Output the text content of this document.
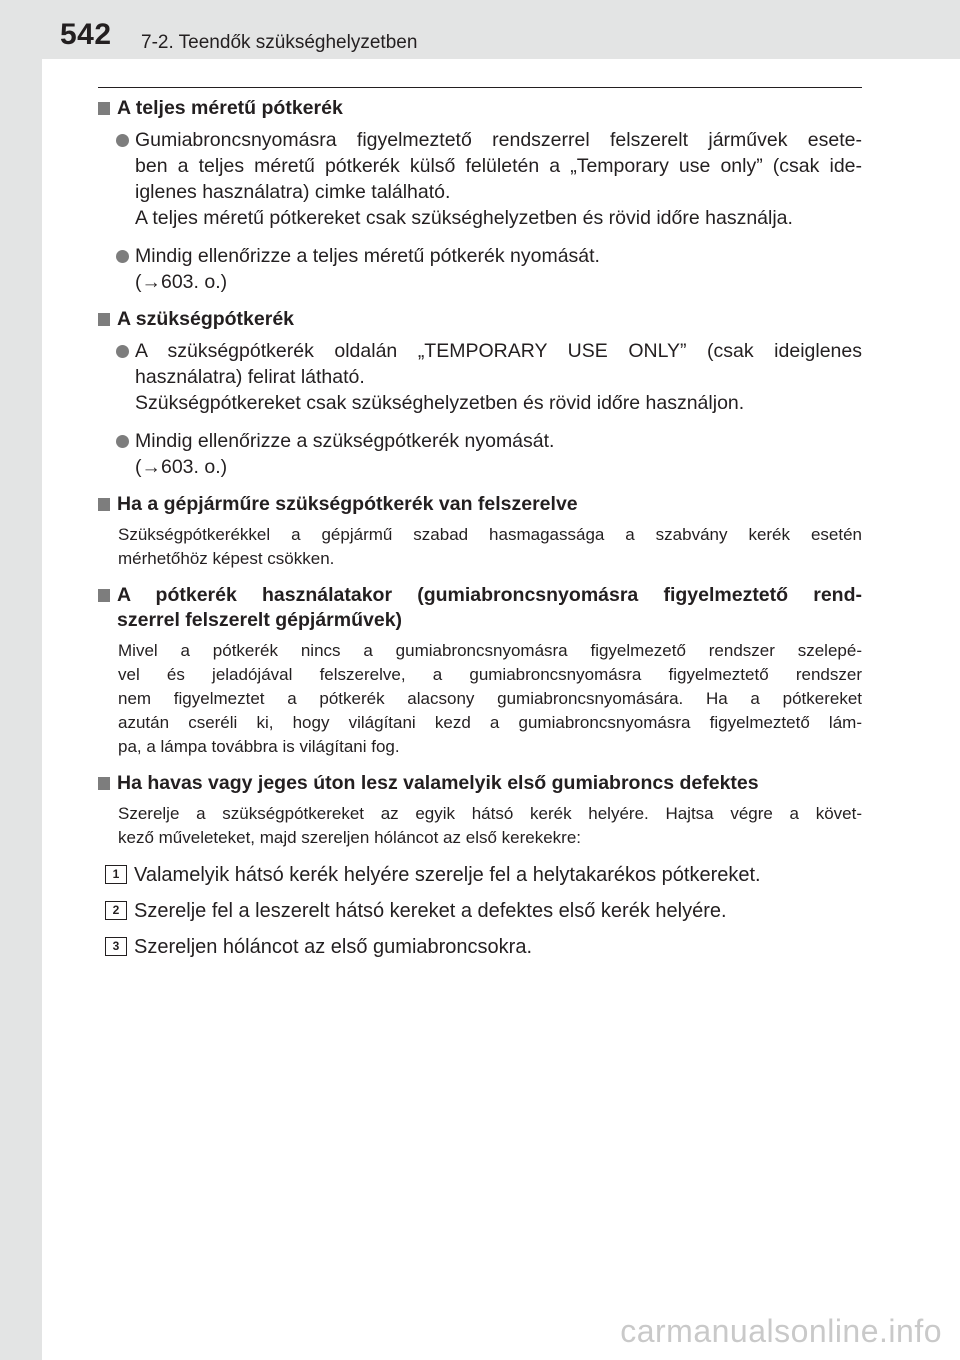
542 7-2. Teendők szükséghelyzetben
A teljes méretű pótkerék
Gumiabroncsnyomásra figyelmeztető rendszerrel felszerelt járművek esete-
ben a teljes méretű pótkerék külső felületén a „Temporary use only” (csak ide-
iglenes használatra) cimke található.
A teljes méretű pótkereket csak szükséghelyzetben és rövid időre használja.
Mindig ellenőrizze a teljes méretű pótkerék nyomását.
(→603. o.)
A szükségpótkerék
A szükségpótkerék oldalán „TEMPORARY USE ONLY” (csak ideiglenes
használatra) felirat látható.
Szükségpótkereket csak szükséghelyzetben és rövid időre használjon.
Mindig ellenőrizze a szükségpótkerék nyomását.
(→603. o.)
Ha a gépjárműre szükségpótkerék van felszerelve
Szükségpótkerékkel a gépjármű szabad hasmagassága a szabvány kerék esetén
mérhetőhöz képest csökken.
A pótkerék használatakor (gumiabroncsnyomásra figyelmeztető rend-
szerrel felszerelt gépjárművek)
Mivel a pótkerék nincs a gumiabroncsnyomásra figyelmezető rendszer szelepé-
vel és jeladójával felszerelve, a gumiabroncsnyomásra figyelmeztető rendszer
nem figyelmeztet a pótkerék alacsony gumiabroncsnyomására. Ha a pótkereket
azután cseréli ki, hogy világítani kezd a gumiabroncsnyomásra figyelmeztető lám-
pa, a lámpa továbbra is világítani fog.
Ha havas vagy jeges úton lesz valamelyik első gumiabroncs defektes
Szerelje a szükségpótkereket az egyik hátsó kerék helyére. Hajtsa végre a követ-
kező műveleteket, majd szereljen hóláncot az első kerekekre:
1 Valamelyik hátsó kerék helyére szerelje fel a helytakarékos pótkereket.
2 Szerelje fel a leszerelt hátsó kereket a defektes első kerék helyére.
3 Szereljen hóláncot az első gumiabroncsokra.
carmanualsonline.info
